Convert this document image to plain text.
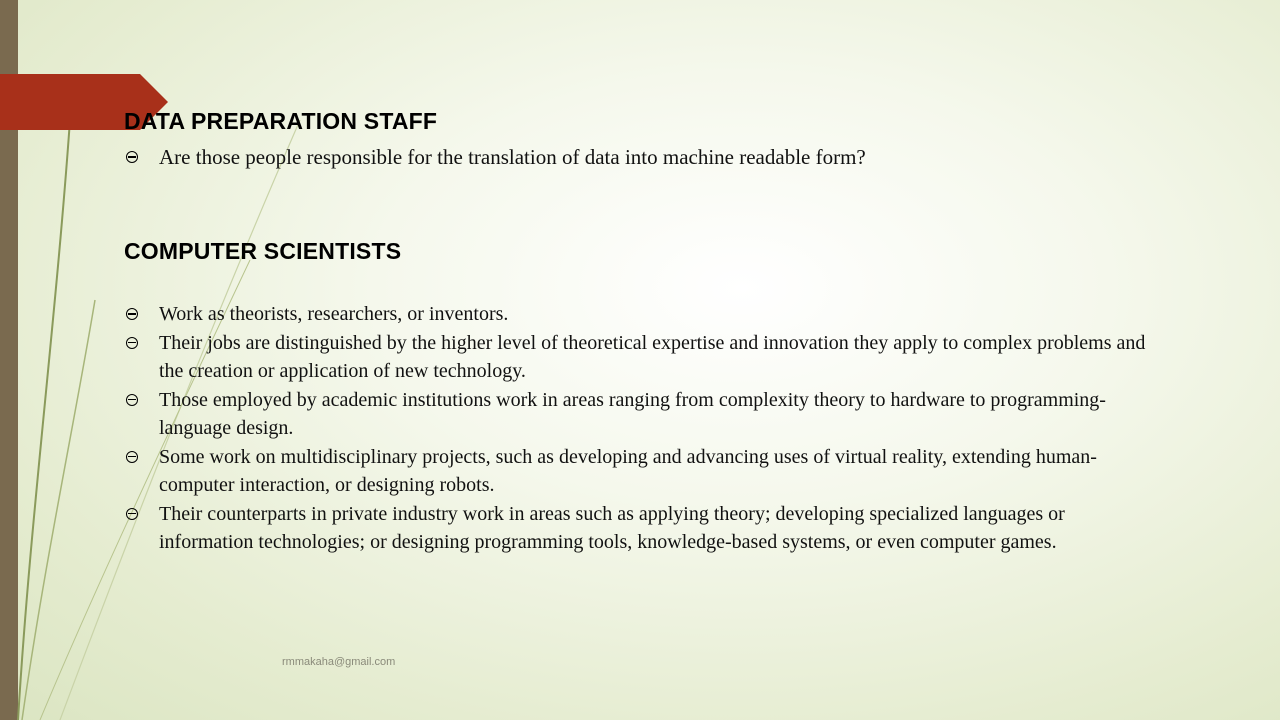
DATA PREPARATION STAFF
Are those people responsible for the translation of data into machine readable form?
COMPUTER SCIENTISTS
Work as theorists, researchers, or inventors.
Their jobs are distinguished by the higher level of theoretical expertise and innovation they apply to complex problems and the creation or application of new technology.
Those employed by academic institutions work in areas ranging from complexity theory to hardware to programming-language design.
Some work on multidisciplinary projects, such as developing and advancing uses of virtual reality, extending human-computer interaction, or designing robots.
Their counterparts in private industry work in areas such as applying theory; developing specialized languages or information technologies; or designing programming tools, knowledge-based systems, or even computer games.
rmmakaha@gmail.com
